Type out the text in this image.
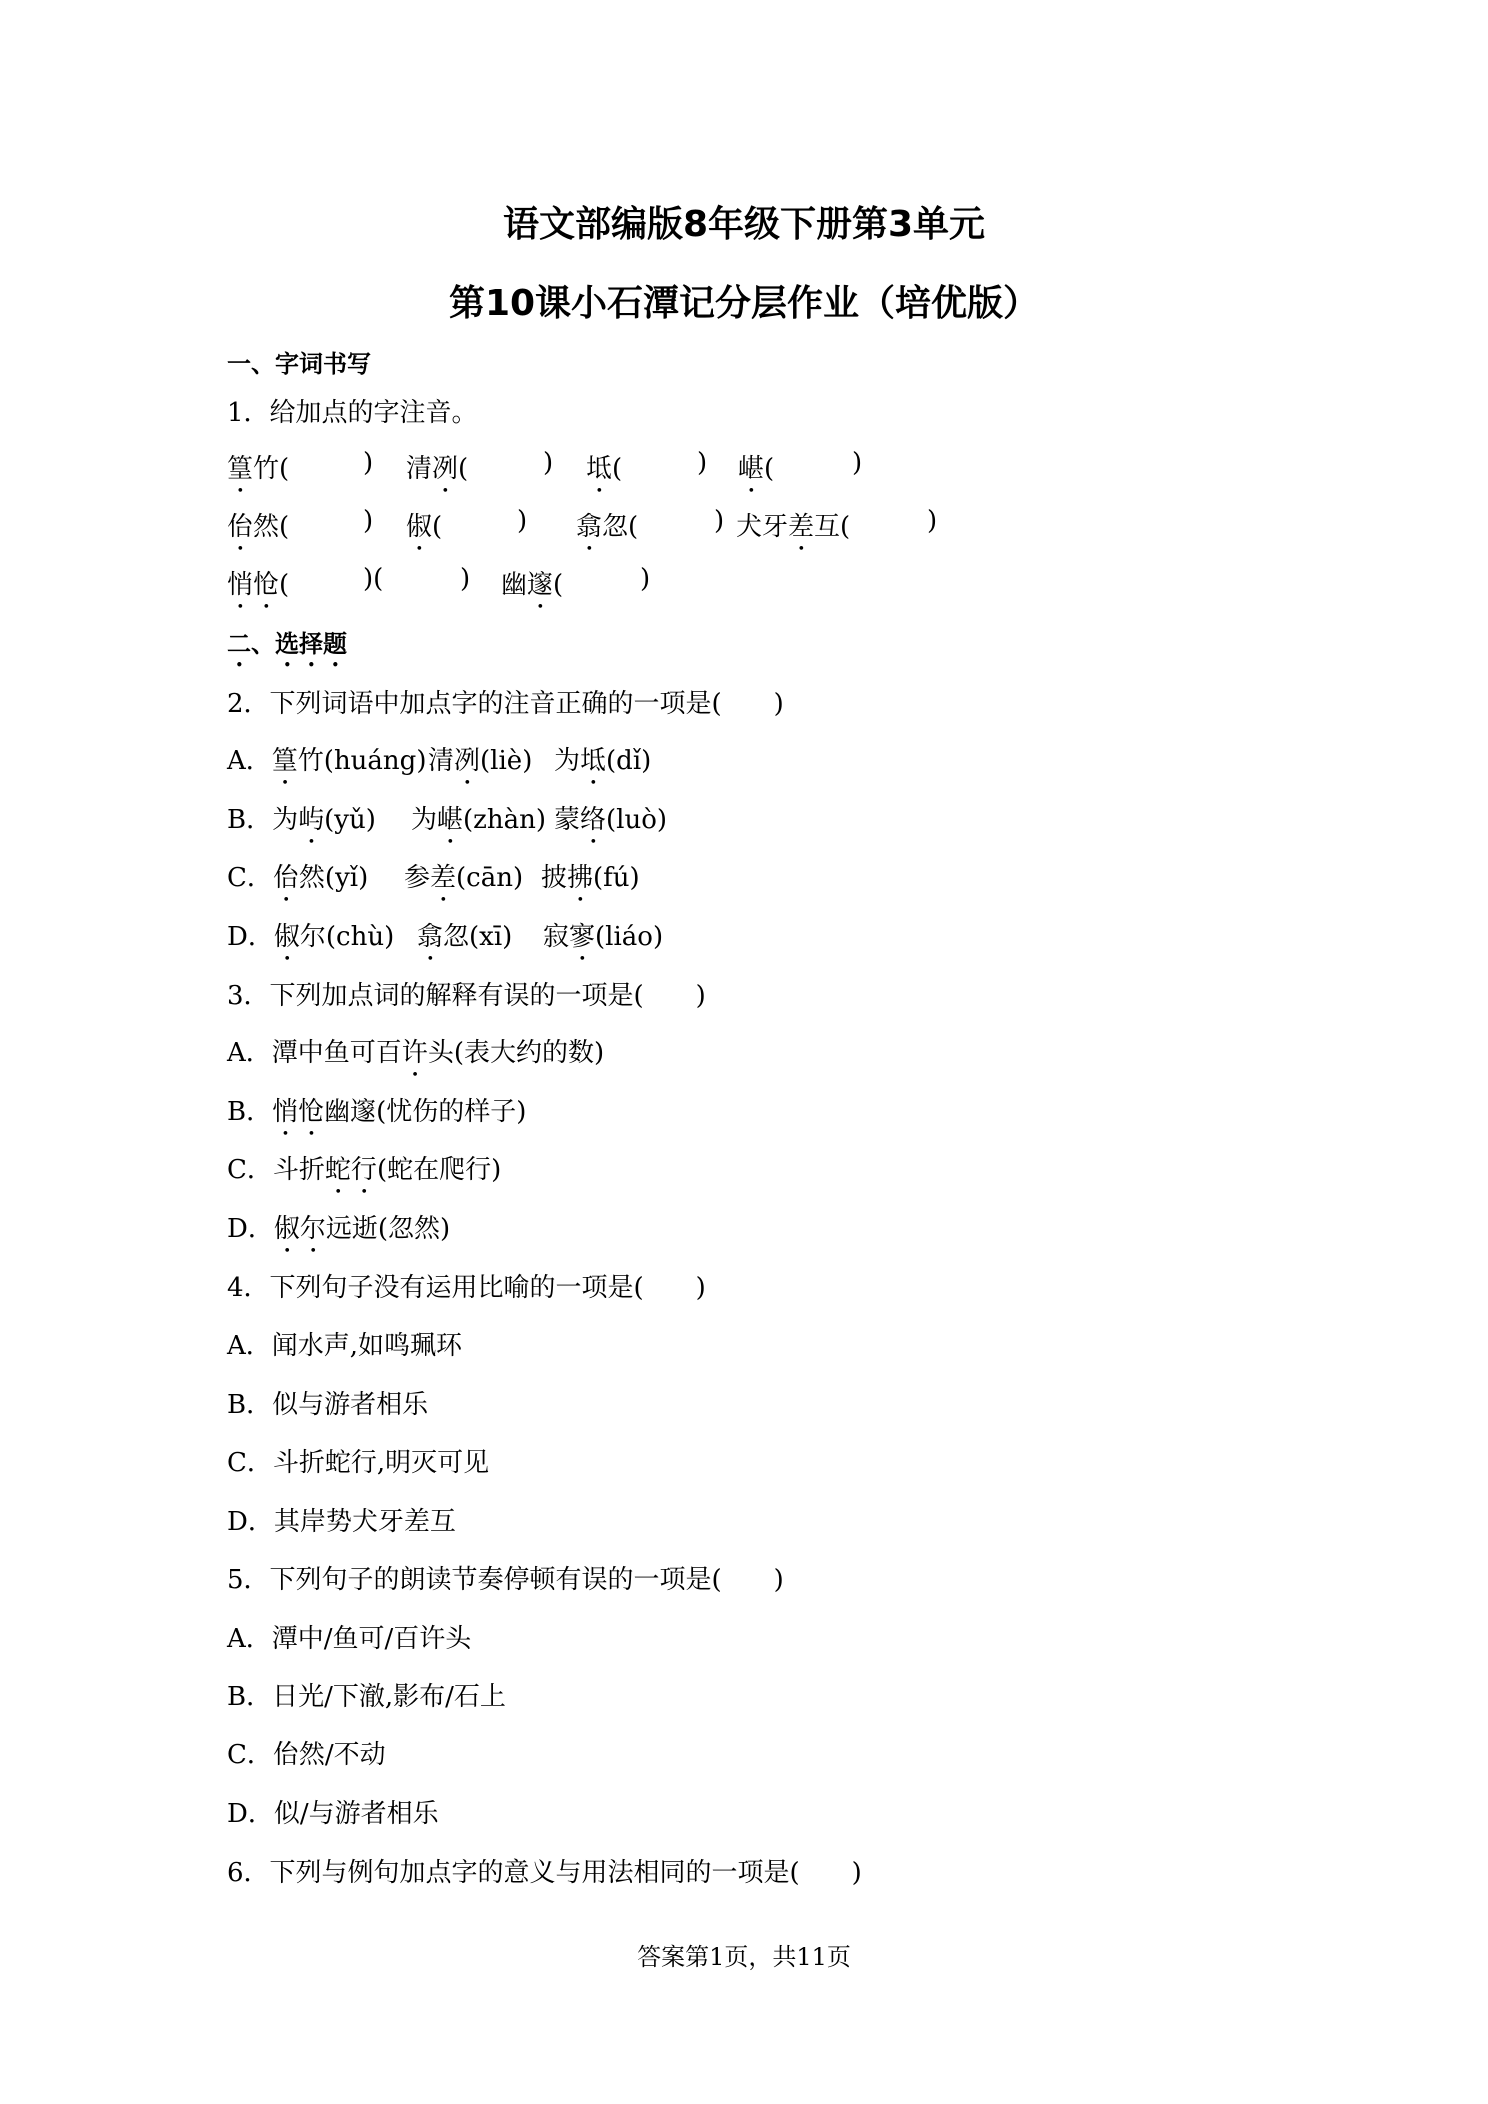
语文部编版8年级下册第3单元
第10课小石潭记分层作业（培优版）
一、字词书写
1．给加点的字注音。
篁竹(	) 清冽(	) 坻(	) 嵁(	)
佁然(	) 俶(	) 翕忽(	) 犬牙差互(	)
悄怆(	)(	) 幽邃(	)
二、选择题
2．下列词语中加点字的注音正确的一项是(　　)
A．篁竹(huáng) 清冽(liè) 为坻(dǐ)
B．为屿(yǔ) 为嵁(zhàn) 蒙络(luò)
C．佁然(yǐ) 参差(cān) 披拂(fú)
D．俶尔(chù) 翕忽(xī) 寂寥(liáo)
3．下列加点词的解释有误的一项是(　　)
A．潭中鱼可百许头(表大约的数)
B．悄怆幽邃(忧伤的样子)
C．斗折蛇行(蛇在爬行)
D．俶尔远逝(忽然)
4．下列句子没有运用比喻的一项是(　　)
A．闻水声,如鸣珮环
B．似与游者相乐
C．斗折蛇行,明灭可见
D．其岸势犬牙差互
5．下列句子的朗读节奏停顿有误的一项是(　　)
A．潭中/鱼可/百许头
B．日光/下澈,影布/石上
C．佁然/不动
D．似/与游者相乐
6．下列与例句加点字的意义与用法相同的一项是(　　)
答案第1页，共11页
